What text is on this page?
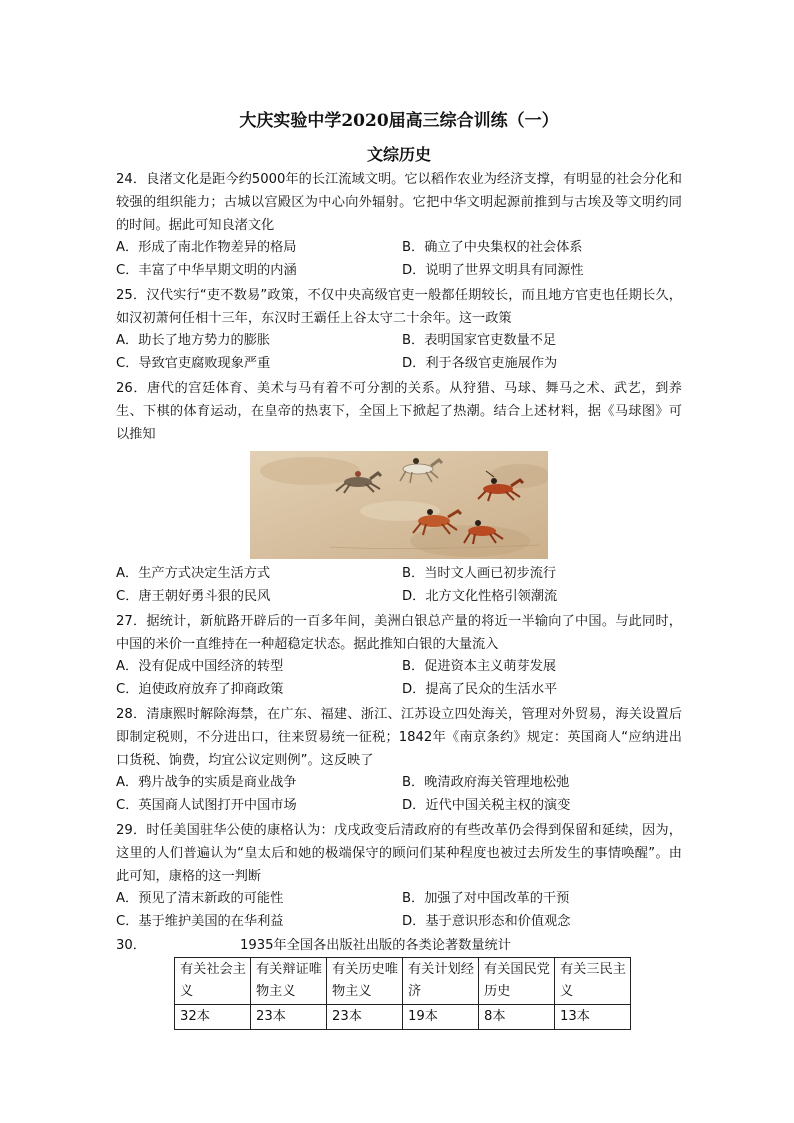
大庆实验中学2020届高三综合训练（一）
文综历史
24．良渚文化是距今约5000年的长江流域文明。它以稻作农业为经济支撑，有明显的社会分化和较强的组织能力；古城以宫殿区为中心向外辐射。它把中华文明起源前推到与古埃及等文明约同的时间。据此可知良渚文化
A．形成了南北作物差异的格局	B．确立了中央集权的社会体系
C．丰富了中华早期文明的内涵	D．说明了世界文明具有同源性
25．汉代实行“吏不数易”政策，不仅中央高级官吏一般都任期较长，而且地方官吏也任期长久，如汉初萧何任相十三年，东汉时王霸任上谷太守二十余年。这一政策
A．助长了地方势力的膨胀	B．表明国家官吏数量不足
C．导致官吏腐败现象严重	D．利于各级官吏施展作为
26．唐代的宫廷体育、美术与马有着不可分割的关系。从狩猎、马球、舞马之术、武艺，到养生、下棋的体育运动，在皇帝的热衷下，全国上下掀起了热潮。结合上述材料，据《马球图》可以推知
A．生产方式决定生活方式	B．当时文人画已初步流行
C．唐王朝好勇斗狠的民风	D．北方文化性格引领潮流
27．据统计，新航路开辟后的一百多年间，美洲白银总产量的将近一半输向了中国。与此同时，中国的米价一直维持在一种超稳定状态。据此推知白银的大量流入
A．没有促成中国经济的转型	B．促进资本主义萌芽发展
C．迫使政府放弃了抑商政策	D．提高了民众的生活水平
28．清康熙时解除海禁，在广东、福建、浙江、江苏设立四处海关，管理对外贸易，海关设置后即制定税则，不分进出口，往来贸易统一征税；1842年《南京条约》规定：英国商人“应纳进出口货税、饷费，均宜公议定则例”。这反映了
A．鸦片战争的实质是商业战争	B．晚清政府海关管理地松弛
C．英国商人试图打开中国市场	D．近代中国关税主权的演变
29．时任美国驻华公使的康格认为：戊戌政变后清政府的有些改革仍会得到保留和延续，因为，这里的人们普遍认为“皇太后和她的极端保守的顾问们某种程度也被过去所发生的事情唤醒”。由此可知，康格的这一判断
A．预见了清末新政的可能性	B．加强了对中国改革的干预
C．基于维护美国的在华利益	D．基于意识形态和价值观念
30．	1935年全国各出版社出版的各类论著数量统计
有关社会主义	有关辩证唯物主义	有关历史唯物主义	有关计划经济	有关国民党历史	有关三民主义
32本	23本	23本	19本	8本	13本
